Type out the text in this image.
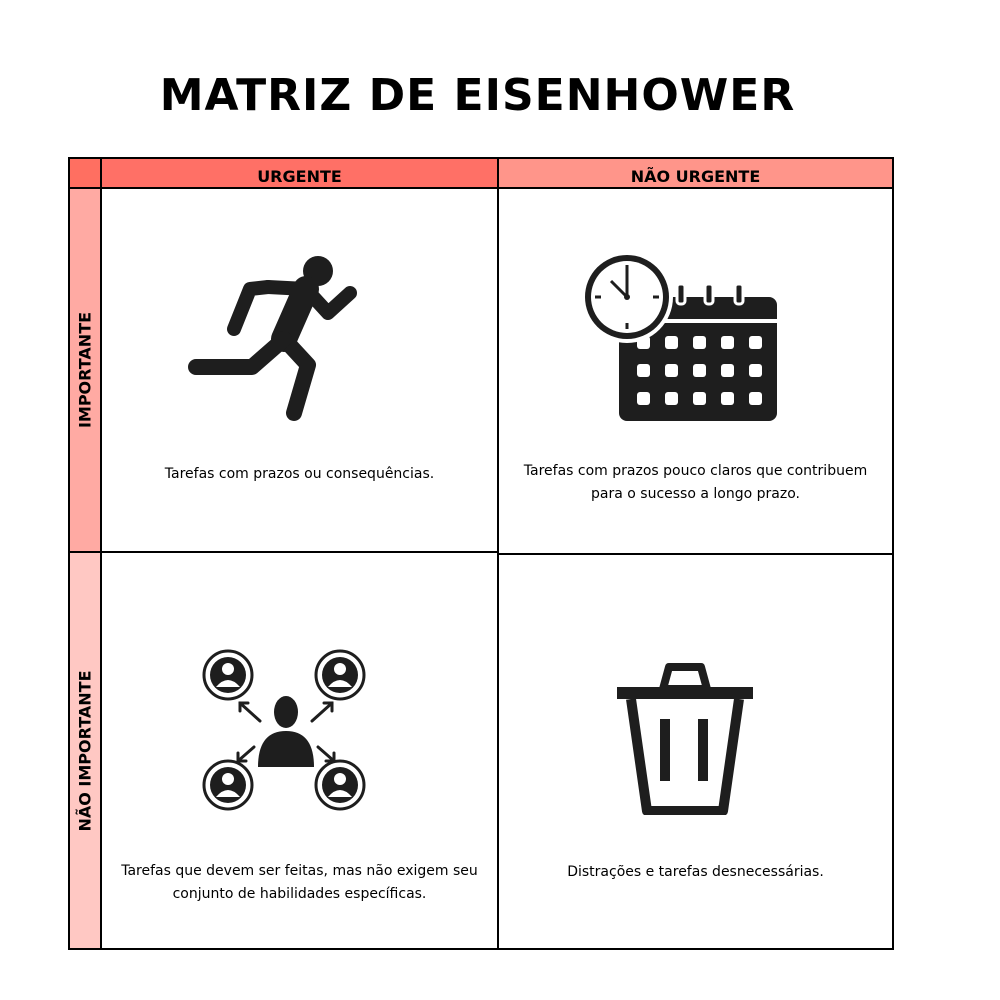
MATRIZ DE EISENHOWER
URGENTE	NÃO URGENTE
IMPORTANTE
NÃO IMPORTANTE
Tarefas com prazos ou consequências.	Tarefas com prazos pouco claros que contribuem para o sucesso a longo prazo.
Tarefas que devem ser feitas, mas não exigem seu conjunto de habilidades específicas.
Distrações e tarefas desnecessárias.
